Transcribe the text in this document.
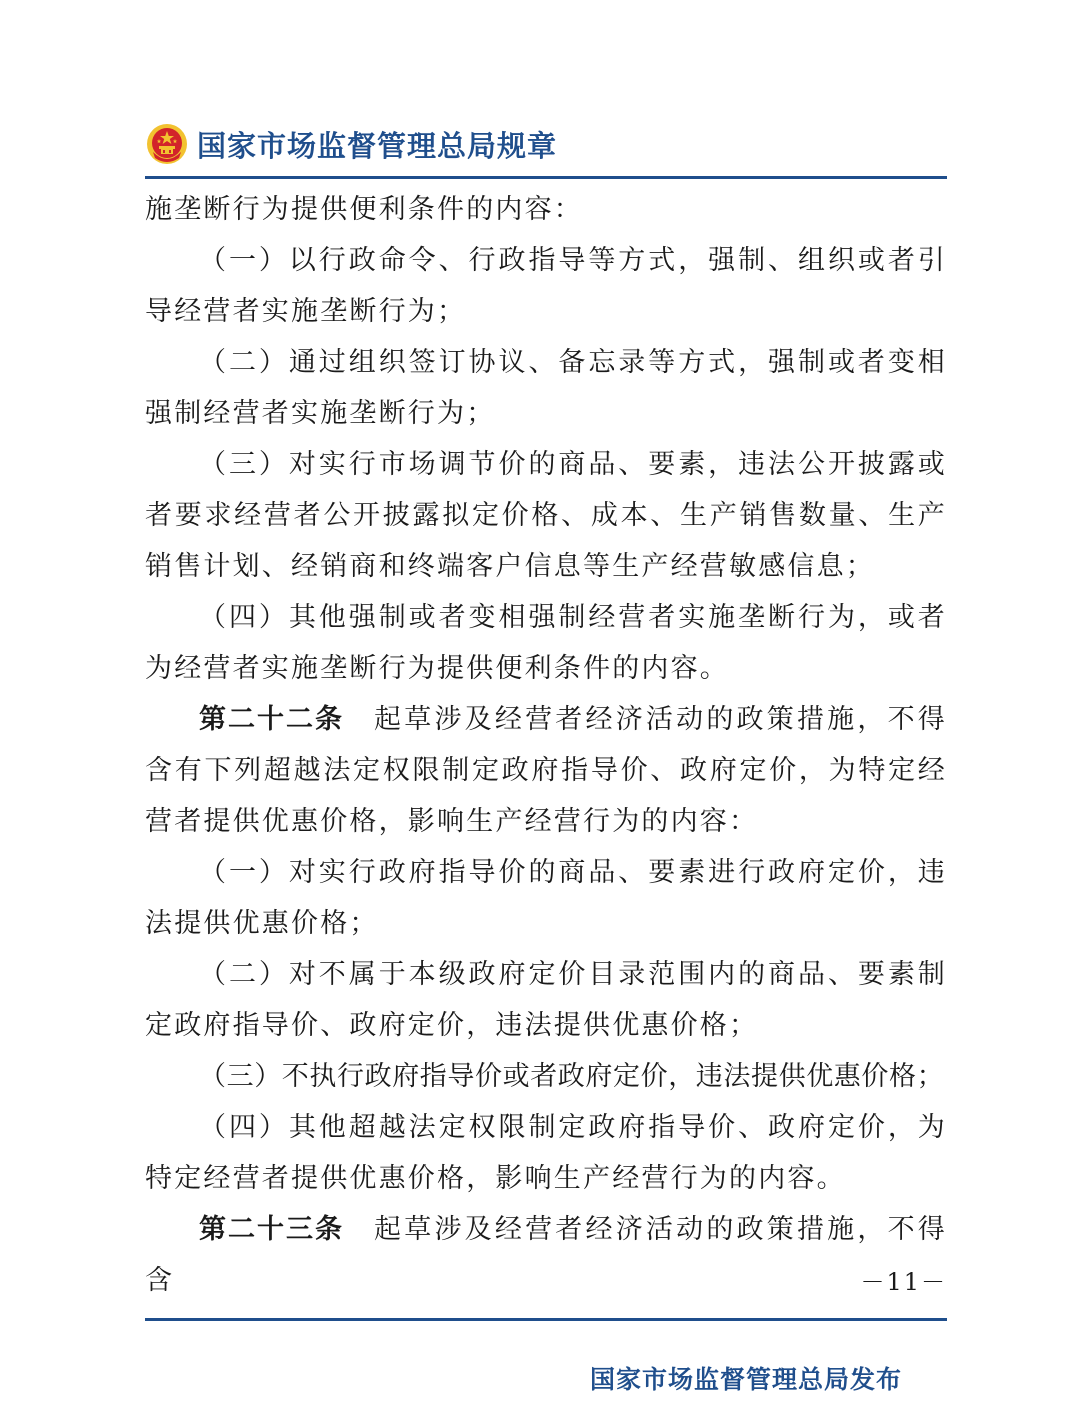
国家市场监督管理总局规章

施垄断行为提供便利条件的内容：

（一）以行政命令、行政指导等方式，强制、组织或者引导经营者实施垄断行为；

（二）通过组织签订协议、备忘录等方式，强制或者变相强制经营者实施垄断行为；

（三）对实行市场调节价的商品、要素，违法公开披露或者要求经营者公开披露拟定价格、成本、生产销售数量、生产销售计划、经销商和终端客户信息等生产经营敏感信息；

（四）其他强制或者变相强制经营者实施垄断行为，或者为经营者实施垄断行为提供便利条件的内容。

第二十二条 起草涉及经营者经济活动的政策措施，不得含有下列超越法定权限制定政府指导价、政府定价，为特定经营者提供优惠价格，影响生产经营行为的内容：

（一）对实行政府指导价的商品、要素进行政府定价，违法提供优惠价格；

（二）对不属于本级政府定价目录范围内的商品、要素制定政府指导价、政府定价，违法提供优惠价格；

（三）不执行政府指导价或者政府定价，违法提供优惠价格；

（四）其他超越法定权限制定政府指导价、政府定价，为特定经营者提供优惠价格，影响生产经营行为的内容。

第二十三条 起草涉及经营者经济活动的政策措施，不得含	－11－
国家市场监督管理总局发布
